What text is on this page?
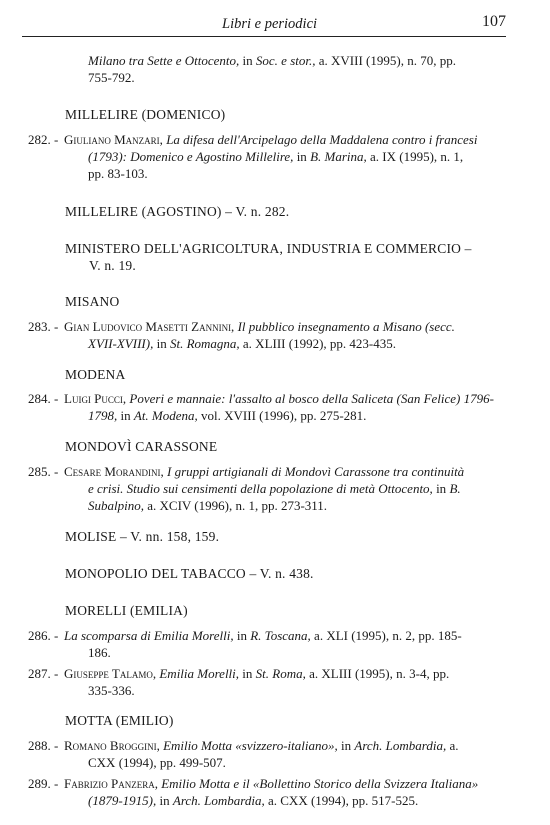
Libri e periodici	107
Milano tra Sette e Ottocento, in Soc. e stor., a. XVIII (1995), n. 70, pp.
755-792.
MILLELIRE (DOMENICO)
282. - Giuliano Manzari, La difesa dell'Arcipelago della Maddalena contro i francesi
(1793): Domenico e Agostino Millelire, in B. Marina, a. IX (1995), n. 1,
pp. 83-103.
MILLELIRE (AGOSTINO) – V. n. 282.
MINISTERO DELL'AGRICOLTURA, INDUSTRIA E COMMERCIO –
V. n. 19.
MISANO
283. - Gian Ludovico Masetti Zannini, Il pubblico insegnamento a Misano (secc.
XVII-XVIII), in St. Romagna, a. XLIII (1992), pp. 423-435.
MODENA
284. - Luigi Pucci, Poveri e mannaie: l'assalto al bosco della Saliceta (San Felice) 1796-
1798, in At. Modena, vol. XVIII (1996), pp. 275-281.
MONDOVÌ CARASSONE
285. - Cesare Morandini, I gruppi artigianali di Mondovì Carassone tra continuità
e crisi. Studio sui censimenti della popolazione di metà Ottocento, in B.
Subalpino, a. XCIV (1996), n. 1, pp. 273-311.
MOLISE – V. nn. 158, 159.
MONOPOLIO DEL TABACCO – V. n. 438.
MORELLI (EMILIA)
286. - La scomparsa di Emilia Morelli, in R. Toscana, a. XLI (1995), n. 2, pp. 185-
186.
287. - Giuseppe Talamo, Emilia Morelli, in St. Roma, a. XLIII (1995), n. 3-4, pp.
335-336.
MOTTA (EMILIO)
288. - Romano Broggini, Emilio Motta «svizzero-italiano», in Arch. Lombardia, a.
CXX (1994), pp. 499-507.
289. - Fabrizio Panzera, Emilio Motta e il «Bollettino Storico della Svizzera Italiana»
(1879-1915), in Arch. Lombardia, a. CXX (1994), pp. 517-525.
